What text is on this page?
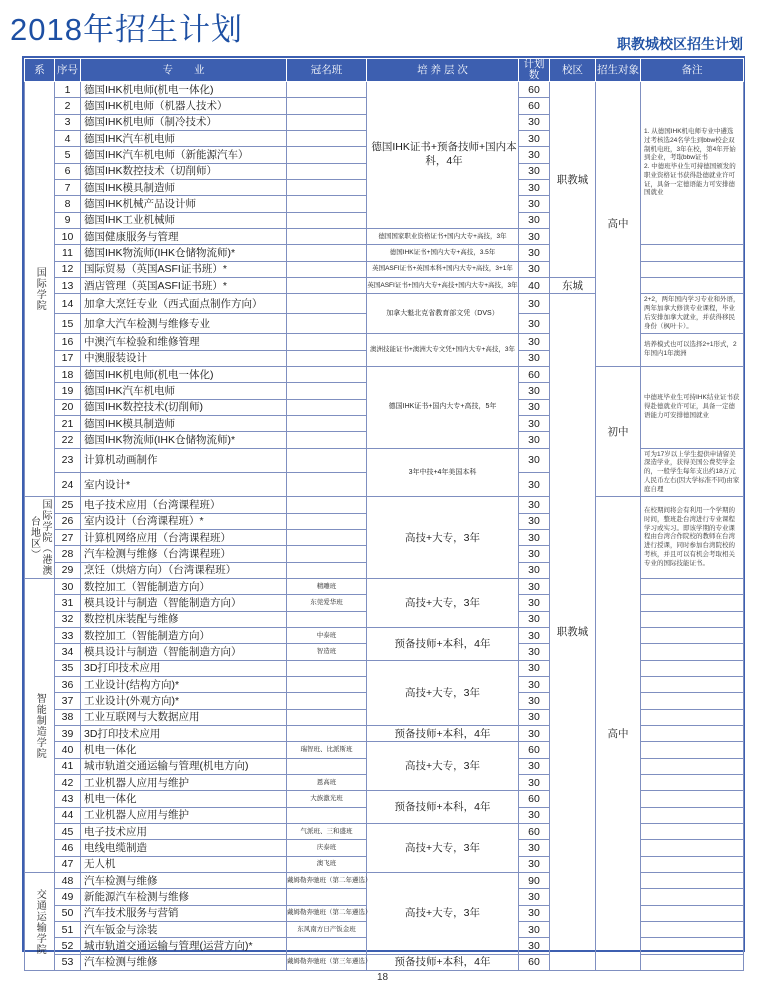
2018年招生计划	职教城校区招生计划
系	序号	专　　业	冠名班	培 养 层 次	计划数	校区	招生对象	备注
国际学院	1	德国IHK机电师(机电一体化)		德国IHK证书+预备技师+国内本科，4年	60	职教城	高中	1. 从德国IHK机电师专业中遴选过考核选24名学生到bbw校企双制机电班，3年在校，第4年开始到企业，考取bbw证书
2. 中德班毕业生可持德国颁发的职业资格证书获得赴德就业许可证，具备一定德语能力可安排德国就业
	2	德国IHK机电师（机器人技术）			60			
	3	德国IHK机电师（制冷技术）			30			
	4	德国IHK汽车机电师			30			
	5	德国IHK汽车机电师（新能源汽车）			30			
	6	德国IHK数控技术（切削师）			30			
	7	德国IHK模具制造师			30			
	8	德国IHK机械产品设计师			30			
	9	德国IHK工业机械师			30			
	10	德国健康服务与管理		德国国家职业资格证书+国内大专+高技，3年	30			
	11	德国IHK物流师(IHK仓储物流师)*		德国IHK证书+国内大专+高技，3.5年	30			
	12	国际贸易（英国ASFI证书班）*		英国ASFI证书+英国本科+国内大专+高技，3+1年	30			
	13	酒店管理（英国ASFI证书班）*		英国ASFI证书+国内大专+高技+国内大专+高技，3年	40	东城		
	14	加拿大烹饪专业（西式面点制作方向）		加拿大魁北克省教育部文凭（DVS）	30	职教城		2+2，两年国内学习专业和外语，两年加拿大修读专业课程，毕业后安排加拿大就业，并获得移民身份（枫叶卡）。
	15	加拿大汽车检测与维修专业			30			
	16	中澳汽车检验和维修管理		澳洲技能证书+澳洲大专文凭+国内大专+高技，3年	30			培养模式也可以选择2+1形式，2年国内1年澳洲
	17	中澳服装设计			30			
	18	德国IHK机电师(机电一体化)		德国IHK证书+国内大专+高技，5年	60		初中	中德班毕业生可持IHK结业证书获得赴德就业许可证，具备一定德语能力可安排德国就业
	19	德国IHK汽车机电师			30			
	20	德国IHK数控技术(切削师)			30			
	21	德国IHK模具制造师			30			
	22	德国IHK物流师(IHK仓储物流师)*			30			
	23	计算机动画制作		3年中技+4年美国本科	30			可为17岁以上学生提供申请留美深造学业，获得美国公费奖学金的，一般学生每年支出约18万元人民币左右(因大学标准不同)由家庭自理
	24	室内设计*			30			
国际学院（港澳台地区）	25	电子技术应用（台湾课程班）		高技+大专，3年	30		高中	在校期间将会有利用一个学期的时间，整班赴台湾进行专业课程学习或实习。即该学期的专业课程由台湾合作院校的教师在台湾进行授课，同时参加台湾院校的考核，并且可以有机会考取相关专业的国际技能证书。
	26	室内设计（台湾课程班）*			30			
	27	计算机网络应用（台湾课程班）			30			
	28	汽车检测与维修（台湾课程班）			30			
	29	烹饪（烘焙方向）（台湾课程班）			30			
智能制造学院	30	数控加工（智能制造方向）	精雕班	高技+大专，3年	30			
	31	模具设计与制造（智能制造方向）	东莞爱华班		30			
	32	数控机床装配与维修			30			
	33	数控加工（智能制造方向）	中泰班	预备技师+本科，4年	30			
	34	模具设计与制造（智能制造方向）	智造班		30			
	35	3D打印技术应用		高技+大专，3年	30			
	36	工业设计(结构方向)*			30			
	37	工业设计(外观方向)*			30			
	38	工业互联网与大数据应用			30			
	39	3D打印技术应用		预备技师+本科，4年	30			
	40	机电一体化	瑞智班、比派斯班	高技+大专，3年	60			
	41	城市轨道交通运输与管理(机电方向)			30			
	42	工业机器人应用与维护	恩高班		30			
	43	机电一体化	大族激光班	预备技师+本科，4年	60			
	44	工业机器人应用与维护			30			
	45	电子技术应用	气派班、三和盛班	高技+大专，3年	60			
	46	电线电缆制造	庆泰班		30			
	47	无人机	澳飞班		30			
交通运输学院	48	汽车检测与维修	戴姆勒奔驰班（第二年遴选）	高技+大专，3年	90			
	49	新能源汽车检测与维修			30			
	50	汽车技术服务与营销	戴姆勒奔驰班（第二年遴选）		30			
	51	汽车钣金与涂装	东风南方日产钣金班		30			
	52	城市轨道交通运输与管理(运营方向)*			30			
	53	汽车检测与维修	戴姆勒奔驰班（第三年遴选）	预备技师+本科，4年	60			
18
